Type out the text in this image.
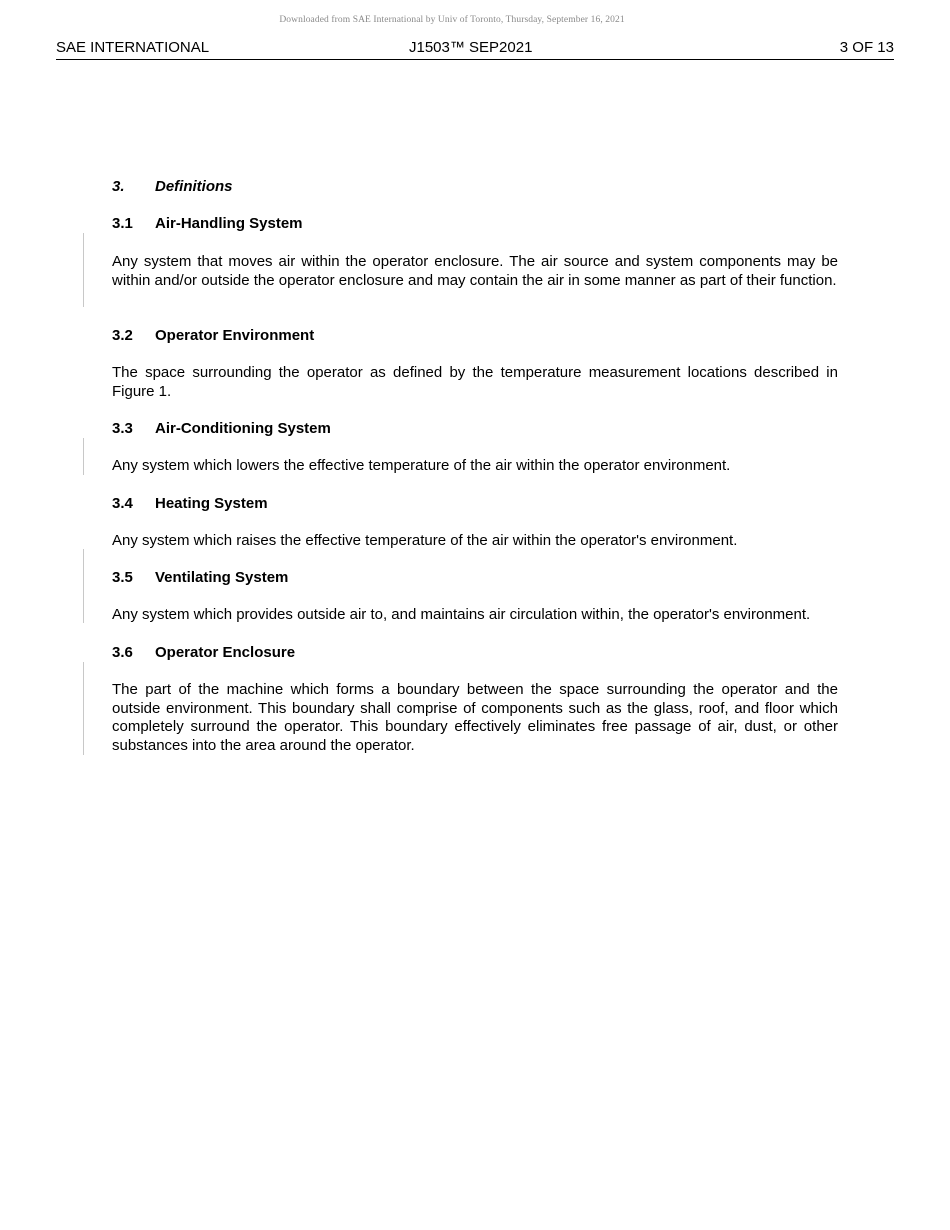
Downloaded from SAE International by Univ of Toronto, Thursday, September 16, 2021
SAE INTERNATIONAL	J1503™ SEP2021	3 OF 13
3. Definitions
3.1 Air-Handling System
Any system that moves air within the operator enclosure. The air source and system components may be within and/or outside the operator enclosure and may contain the air in some manner as part of their function.
3.2 Operator Environment
The space surrounding the operator as defined by the temperature measurement locations described in Figure 1.
3.3 Air-Conditioning System
Any system which lowers the effective temperature of the air within the operator environment.
3.4 Heating System
Any system which raises the effective temperature of the air within the operator's environment.
3.5 Ventilating System
Any system which provides outside air to, and maintains air circulation within, the operator's environment.
3.6 Operator Enclosure
The part of the machine which forms a boundary between the space surrounding the operator and the outside environment. This boundary shall comprise of components such as the glass, roof, and floor which completely surround the operator. This boundary effectively eliminates free passage of air, dust, or other substances into the area around the operator.
